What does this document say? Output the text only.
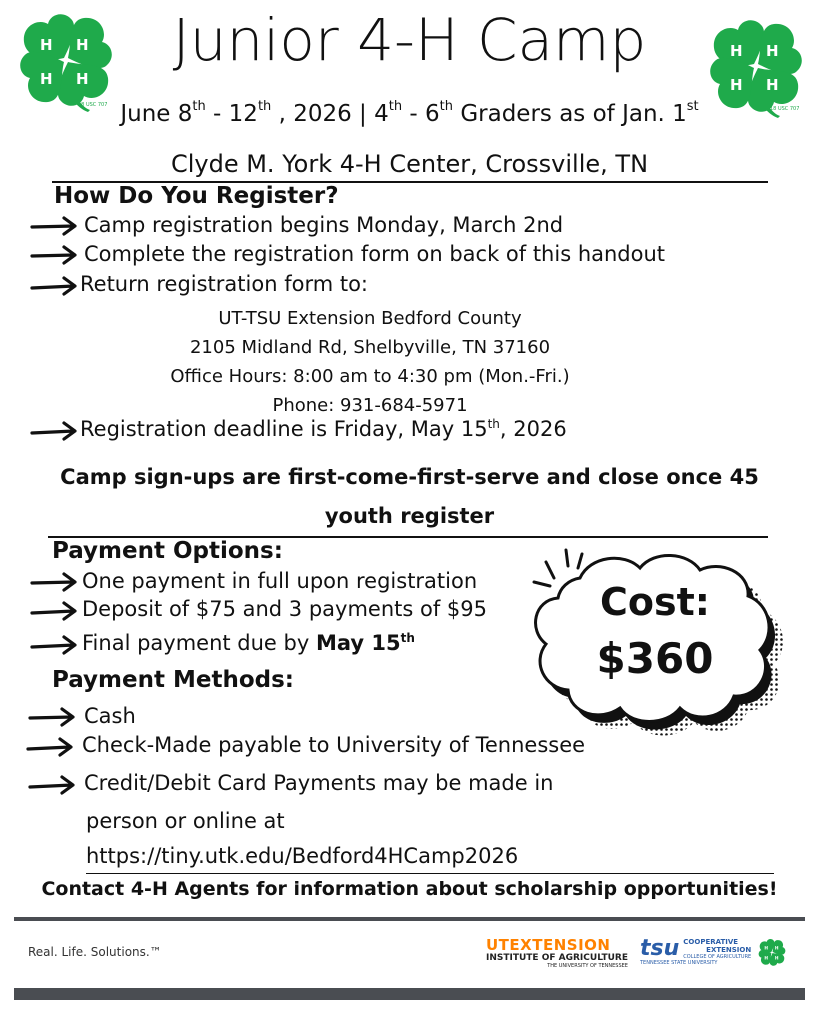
H H
H H
18 USC 707
H H
H H
18 USC 707
Junior 4-H Camp
June 8th - 12th , 2026 | 4th - 6th Graders as of Jan. 1st
Clyde M. York 4-H Center, Crossville, TN
How Do You Register?
Camp registration begins Monday, March 2nd
Complete the registration form on back of this handout
Return registration form to:
UT-TSU Extension Bedford County
2105 Midland Rd, Shelbyville, TN 37160
Office Hours: 8:00 am to 4:30 pm (Mon.-Fri.)
Phone: 931-684-5971
Registration deadline is Friday, May 15th, 2026
Camp sign-ups are first-come-first-serve and close once 45
youth register
Payment Options:
One payment in full upon registration
Deposit of $75 and 3 payments of $95
Final payment due by May 15th
Cost:
$360
Payment Methods:
Cash
Check-Made payable to University of Tennessee
Credit/Debit Card Payments may be made in
person or online at
https://tiny.utk.edu/Bedford4HCamp2026
Contact 4-H Agents for information about scholarship opportunities!
Real. Life. Solutions.™	UTEXTENSION
INSTITUTE OF AGRICULTURE
THE UNIVERSITY OF TENNESSEE
tsu COOPERATIVE
EXTENSION
COLLEGE OF AGRICULTURE
TENNESSEE STATE UNIVERSITY
H H
H H
